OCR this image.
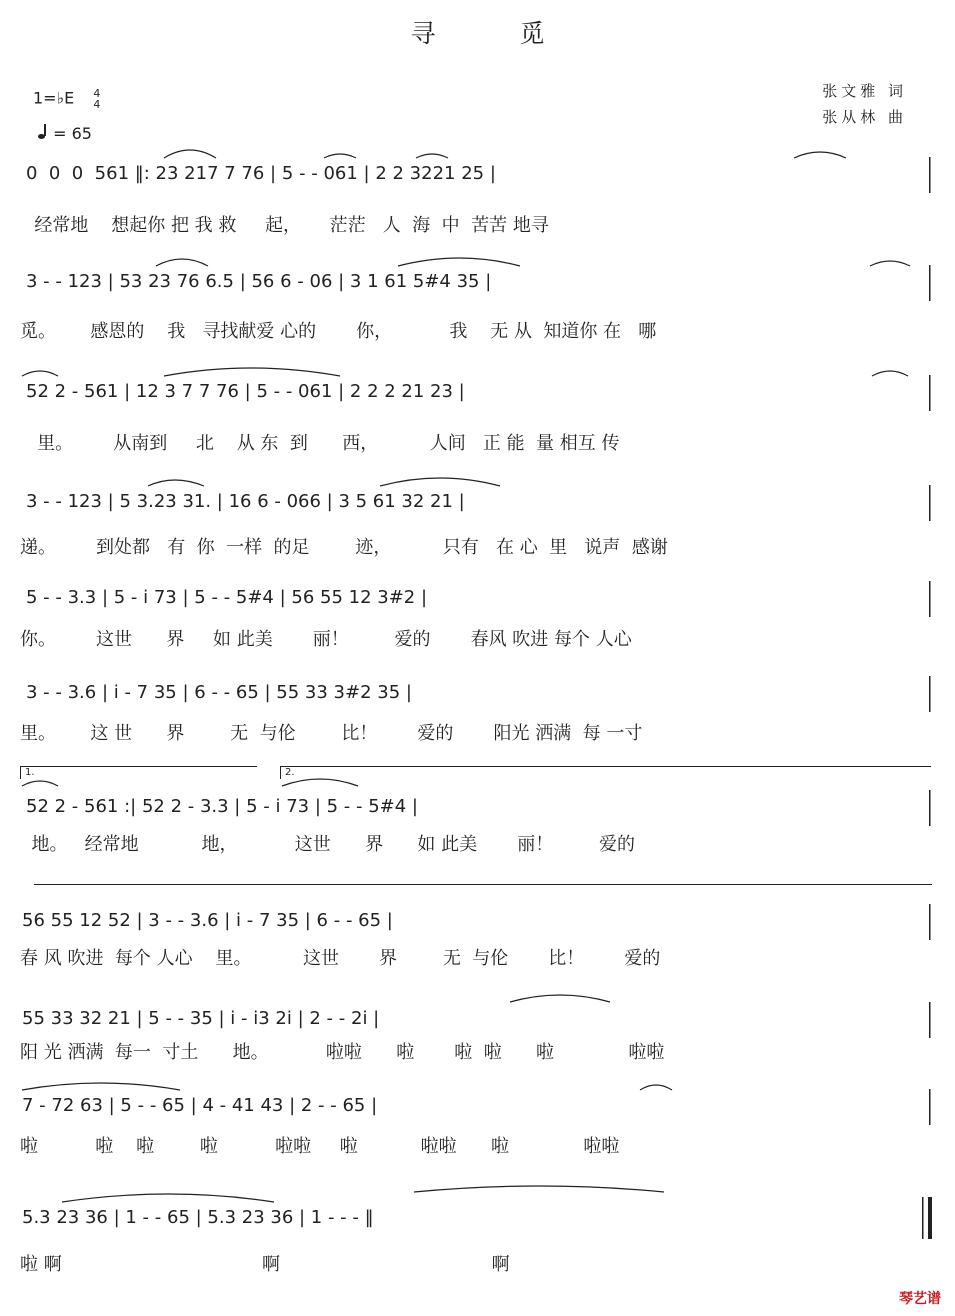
寻 觅
1=♭E 4
4
= 65
张文雅 词
张从林 曲
0  0  0  561 ‖: 23 217 7 76 | 5 - - 061 | 2 2 3221 25 |
经常地    想起你 把 我 救     起，     茫茫   人  海  中  苦苦 地寻
3 - - 123 | 53 23 76 6.5 | 56 6 - 06 | 3 1 61 5#4 35 |
觅。      感恩的    我   寻找献爱 心的       你，          我    无 从  知道你 在   哪
52 2 - 561 | 12 3 7 7 76 | 5 - - 061 | 2 2 2 21 23 |
里。       从南到     北    从 东  到      西，         人间   正 能  量 相互 传
3 - - 123 | 5 3.23 31. | 16 6 - 066 | 3 5 61 32 21 |
递。       到处都   有  你  一样  的足        迹，         只有   在 心  里   说声  感谢
5 - - 3.3 | 5 - i 73 | 5 - - 5#4 | 56 55 12 3#2 |
你。       这世      界     如 此美       丽！        爱的       春风 吹进 每个 人心
3 - - 3.6 | i - 7 35 | 6 - - 65 | 55 33 3#2 35 |
里。      这 世      界        无  与伦        比！       爱的       阳光 洒满  每 一寸
1.	2.
52 2 - 561 :| 52 2 - 3.3 | 5 - i 73 | 5 - - 5#4 |
地。   经常地           地，          这世      界      如 此美       丽！        爱的
56 55 12 52 | 3 - - 3.6 | i - 7 35 | 6 - - 65 |
春 风 吹进  每个 人心    里。         这世       界        无  与伦       比！       爱的
55 33 32 21 | 5 - - 35 | i - i3 2i | 2 - - 2i |
阳 光 洒满  每一  寸土      地。          啦啦      啦       啦  啦      啦             啦啦
7 - 72 63 | 5 - - 65 | 4 - 41 43 | 2 - - 65 |
啦          啦    啦        啦          啦啦     啦           啦啦      啦             啦啦
5.3 23 36 | 1 - - 65 | 5.3 23 36 | 1 - - - ‖
啦 啊                                   啊                                     啊
琴艺谱
